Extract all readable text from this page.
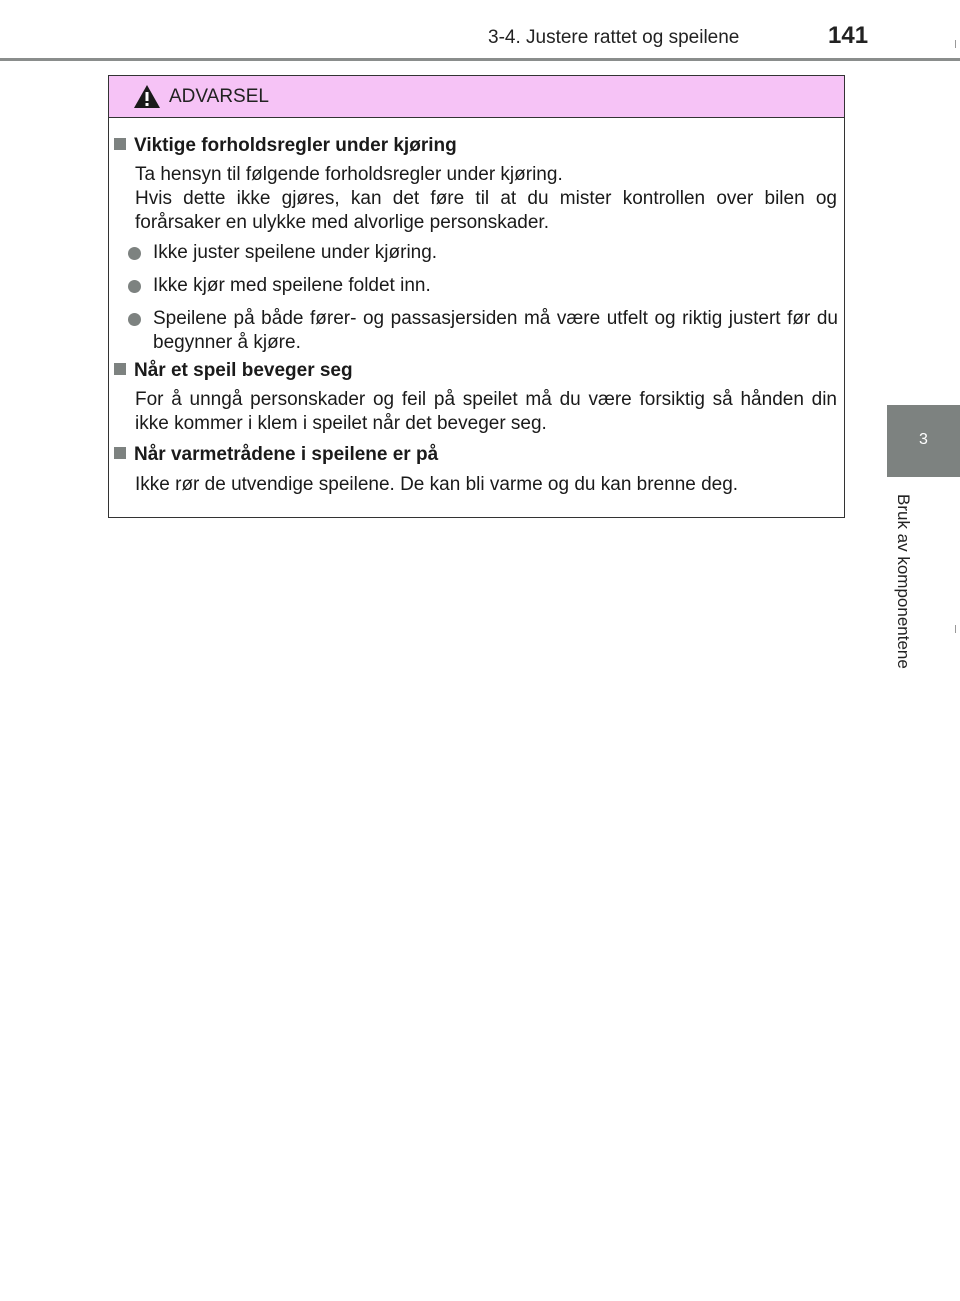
3-4. Justere rattet og speilene	141
3
Bruk av komponentene
ADVARSEL
Viktige forholdsregler under kjøring
Ta hensyn til følgende forholdsregler under kjøring.
Hvis dette ikke gjøres, kan det føre til at du mister kontrollen over bilen og forårsaker en ulykke med alvorlige personskader.
Ikke juster speilene under kjøring.
Ikke kjør med speilene foldet inn.
Speilene på både fører- og passasjersiden må være utfelt og riktig justert før du begynner å kjøre.
Når et speil beveger seg
For å unngå personskader og feil på speilet må du være forsiktig så hånden din ikke kommer i klem i speilet når det beveger seg.
Når varmetrådene i speilene er på
Ikke rør de utvendige speilene. De kan bli varme og du kan brenne deg.
